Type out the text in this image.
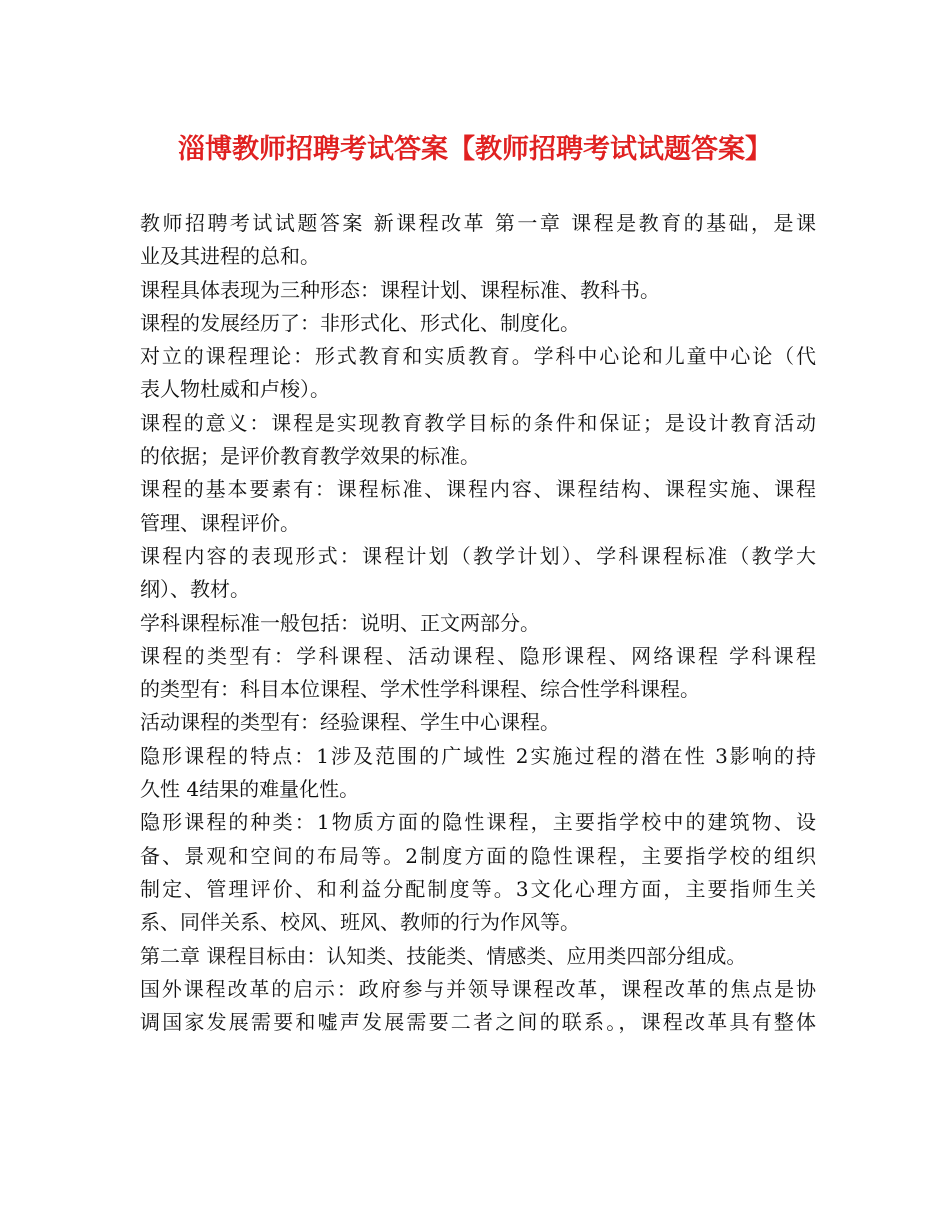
淄博教师招聘考试答案【教师招聘考试试题答案】
教师招聘考试试题答案 新课程改革 第一章 课程是教育的基础，是课
业及其进程的总和。
课程具体表现为三种形态：课程计划、课程标准、教科书。
课程的发展经历了：非形式化、形式化、制度化。
对立的课程理论：形式教育和实质教育。学科中心论和儿童中心论（代
表人物杜威和卢梭）。
课程的意义：课程是实现教育教学目标的条件和保证；是设计教育活动
的依据；是评价教育教学效果的标准。
课程的基本要素有：课程标准、课程内容、课程结构、课程实施、课程
管理、课程评价。
课程内容的表现形式：课程计划（教学计划）、学科课程标准（教学大
纲）、教材。
学科课程标准一般包括：说明、正文两部分。
课程的类型有：学科课程、活动课程、隐形课程、网络课程 学科课程
的类型有：科目本位课程、学术性学科课程、综合性学科课程。
活动课程的类型有：经验课程、学生中心课程。
隐形课程的特点：1涉及范围的广域性 2实施过程的潜在性 3影响的持
久性 4结果的难量化性。
隐形课程的种类：1物质方面的隐性课程，主要指学校中的建筑物、设
备、景观和空间的布局等。2制度方面的隐性课程，主要指学校的组织
制定、管理评价、和利益分配制度等。3文化心理方面，主要指师生关
系、同伴关系、校风、班风、教师的行为作风等。
第二章 课程目标由：认知类、技能类、情感类、应用类四部分组成。
国外课程改革的启示：政府参与并领导课程改革，课程改革的焦点是协
调国家发展需要和嘘声发展需要二者之间的联系。，课程改革具有整体
